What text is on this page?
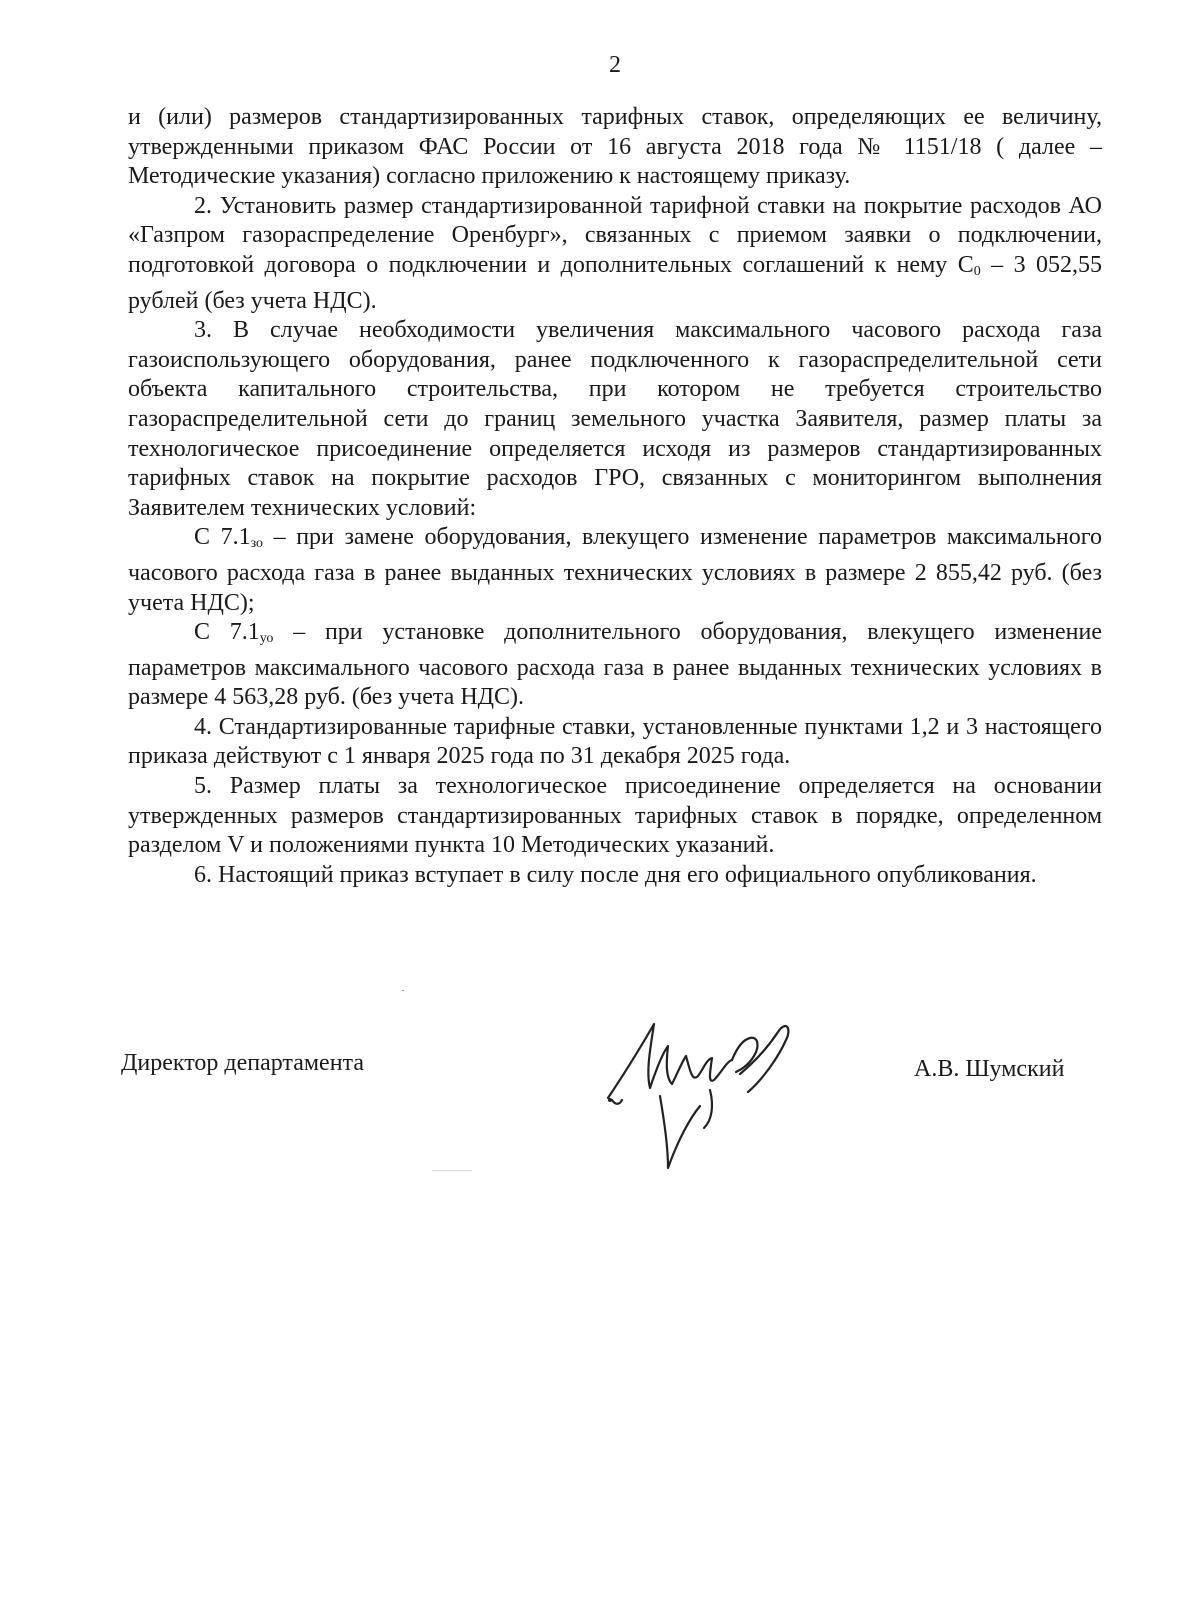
2

и (или) размеров стандартизированных тарифных ставок, определяющих ее величину, утвержденными приказом ФАС России от 16 августа 2018 года № 1151/18 ( далее – Методические указания) согласно приложению к настоящему приказу.

2. Установить размер стандартизированной тарифной ставки на покрытие расходов АО «Газпром газораспределение Оренбург», связанных с приемом заявки о подключении, подготовкой договора о подключении и дополнительных соглашений к нему $С_0 - 3$ 052,55 рублей (без учета НДС).

3. В случае необходимости увеличения максимального часового расхода газа газоиспользующего оборудования, ранее подключенного к газораспределительной сети объекта капитального строительства, при котором не требуется строительство газораспределительной сети до границ земельного участка Заявителя, размер платы за технологическое присоединение определяется исходя из размеров стандартизированных тарифных ставок на покрытие расходов ГРО, связанных с мониторингом выполнения Заявителем технических условий:

С $7.1_{зо}$ – при замене оборудования, влекущего изменение параметров максимального часового расхода газа в ранее выданных технических условиях в размере 2 855,42 руб. (без учета НДС);

С $7.1_{уо}$ – при установке дополнительного оборудования, влекущего изменение параметров максимального часового расхода газа в ранее выданных технических условиях в размере 4 563,28 руб. (без учета НДС).

4. Стандартизированные тарифные ставки, установленные пунктами 1,2 и 3 настоящего приказа действуют с 1 января 2025 года по 31 декабря 2025 года.

5. Размер платы за технологическое присоединение определяется на основании утвержденных размеров стандартизированных тарифных ставок в порядке, определенном разделом V и положениями пункта 10 Методических указаний.

6. Настоящий приказ вступает в силу после дня его официального опубликования.

Директор департамента	А.В. Шумский
